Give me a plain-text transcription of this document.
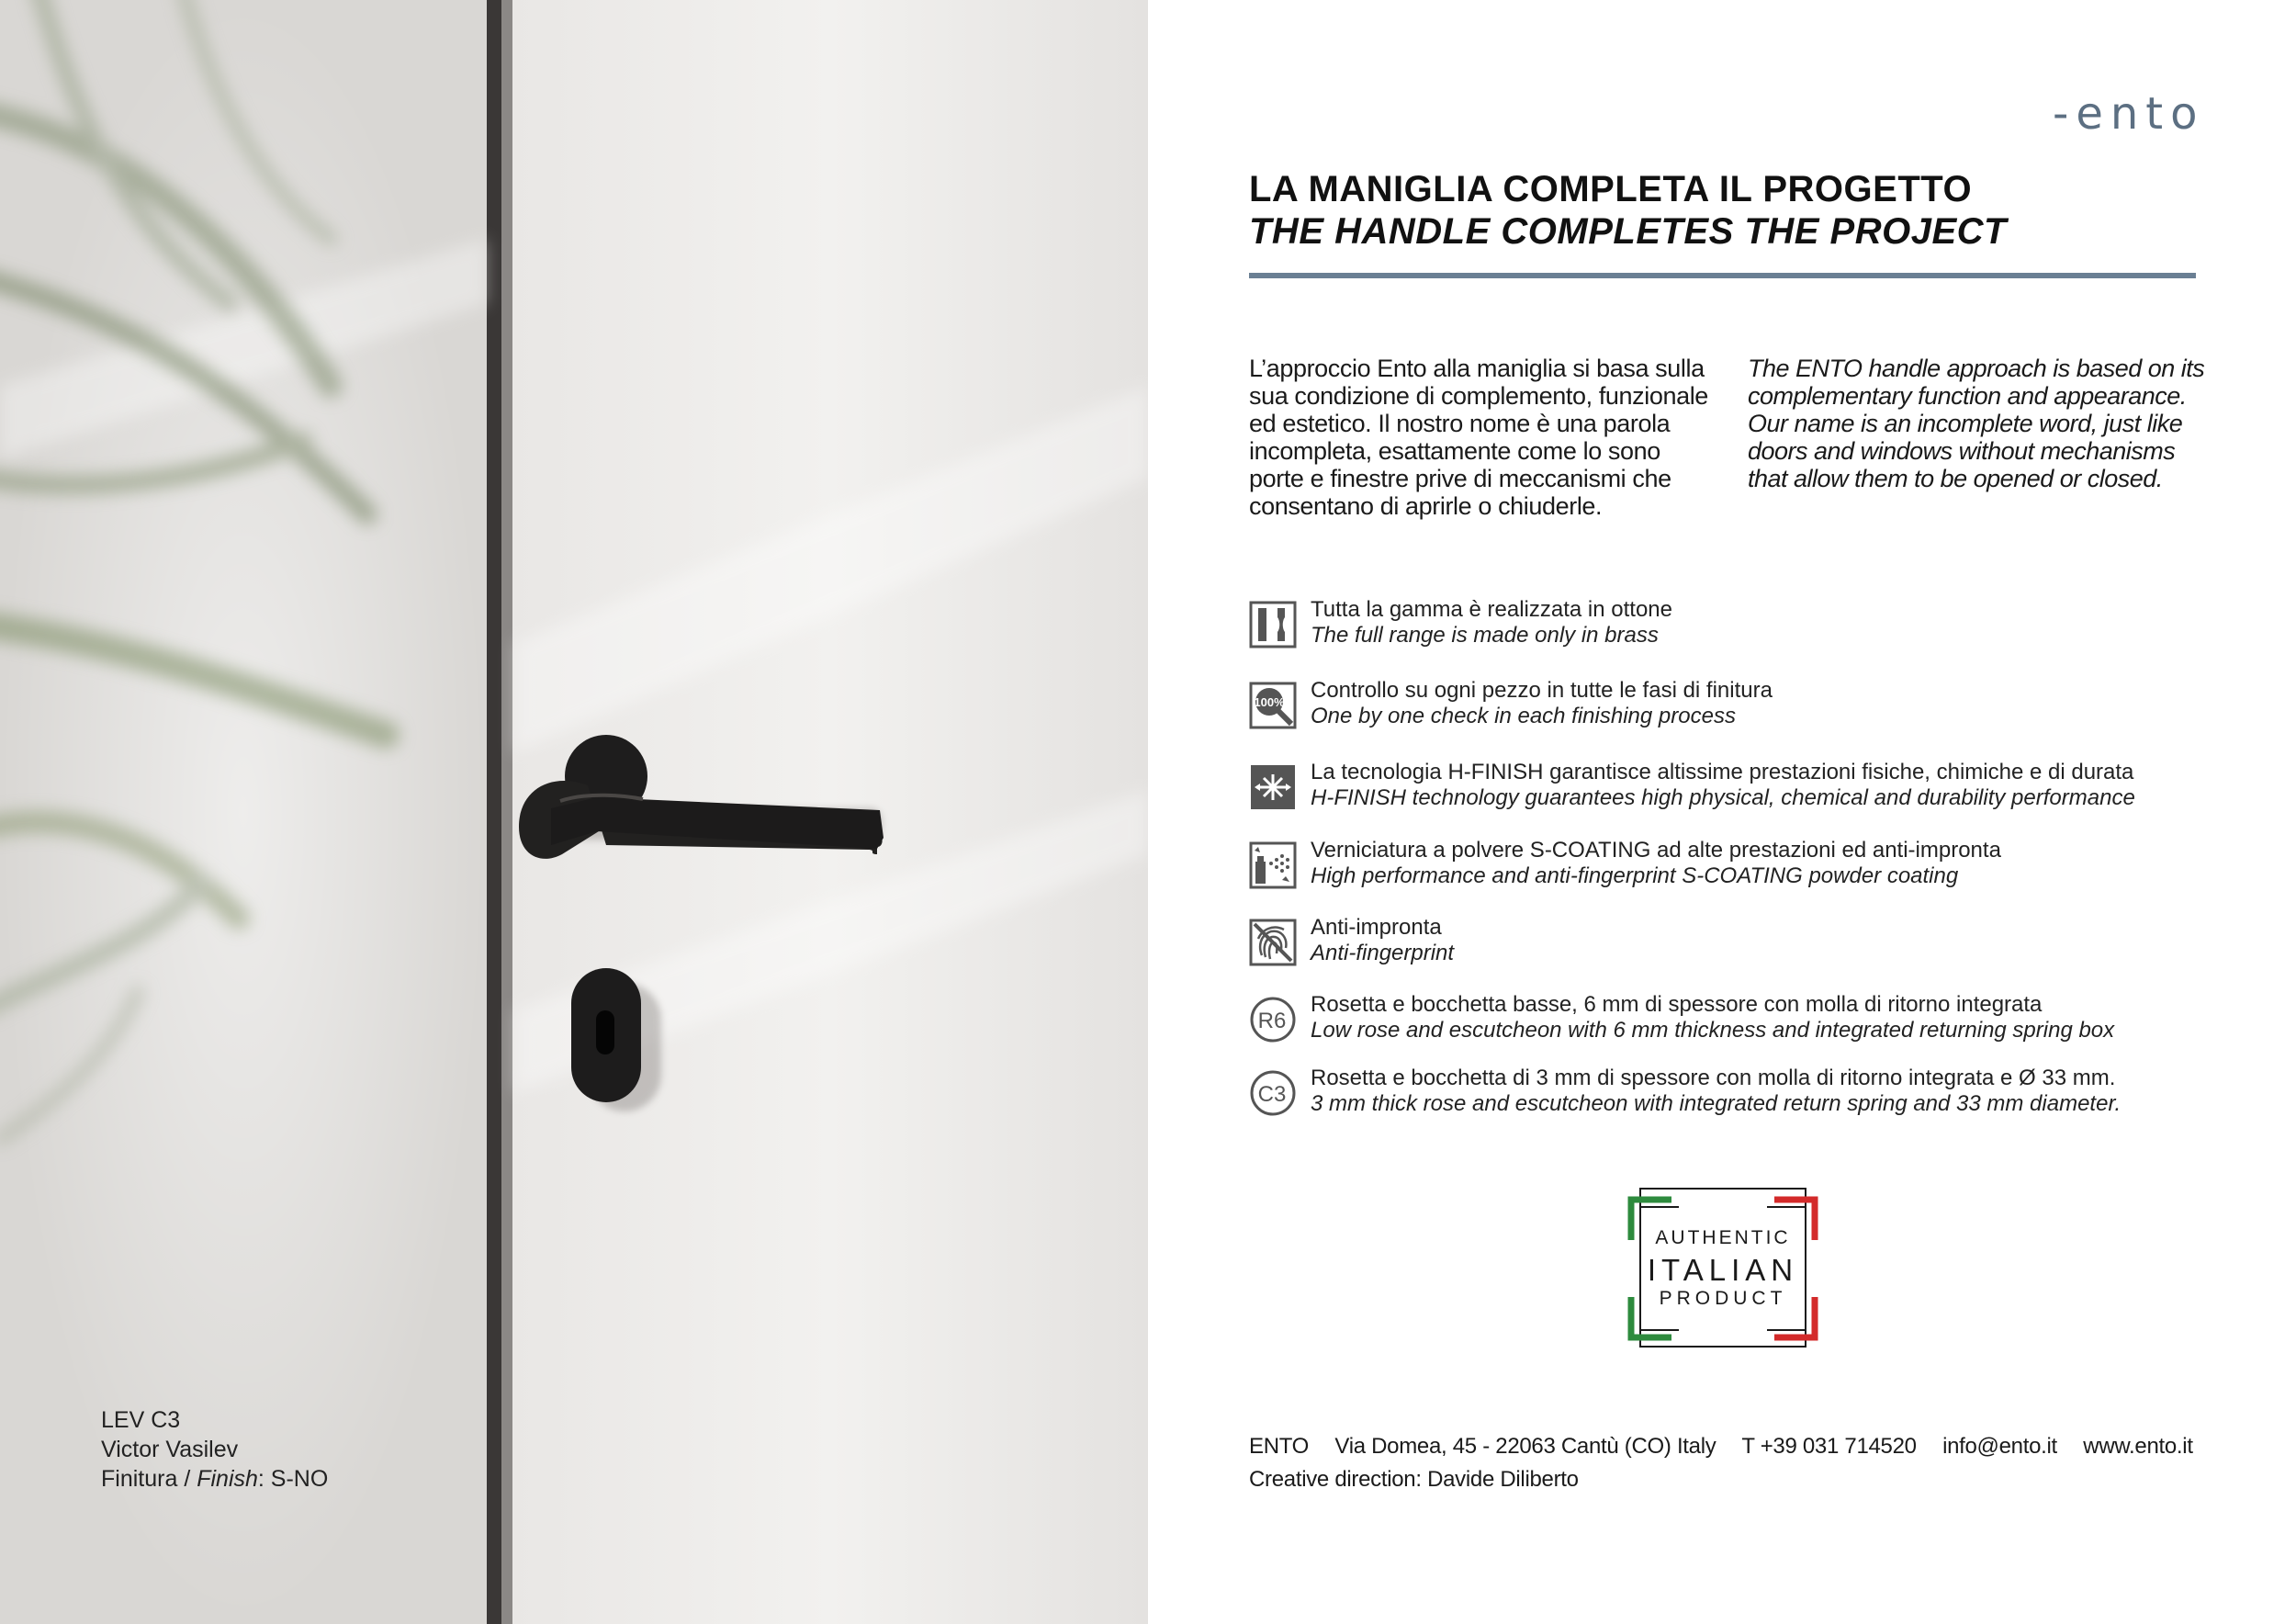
LEV C3
Victor Vasilev
Finitura / Finish: S-NO
-ento
LA MANIGLIA COMPLETA IL PROGETTO
THE HANDLE COMPLETES THE PROJECT
L’approccio Ento alla maniglia si basa sulla sua condizione di complemento, funzionale ed estetico. Il nostro nome è una parola incompleta, esattamente come lo sono porte e finestre prive di meccanismi che consentano di aprirle o chiuderle.
The ENTO handle approach is based on its complementary function and appearance. Our name is an incomplete word, just like doors and windows without mechanisms that allow them to be opened or closed.
Tutta la gamma è realizzata in ottone
The full range is made only in brass
100% Controllo su ogni pezzo in tutte le fasi di finitura
One by one check in each finishing process
La tecnologia H-FINISH garantisce altissime prestazioni fisiche, chimiche e di durata
H-FINISH technology guarantees high physical, chemical and durability performance
Verniciatura a polvere S-COATING ad alte prestazioni ed anti-impronta
High performance and anti-fingerprint S-COATING powder coating
Anti-impronta
Anti-fingerprint
R6
Rosetta e bocchetta basse, 6 mm di spessore con molla di ritorno integrata
Low rose and escutcheon with 6 mm thickness and integrated returning spring box
C3
Rosetta e bocchetta di 3 mm di spessore con molla di ritorno integrata e Ø 33 mm.
3 mm thick rose and escutcheon with integrated return spring and 33 mm diameter.
AUTHENTIC
ITALIAN
PRODUCT
ENTO Via Domea, 45 - 22063 Cantù (CO) Italy T +39 031 714520 info@ento.it www.ento.it
Creative direction: Davide Diliberto
